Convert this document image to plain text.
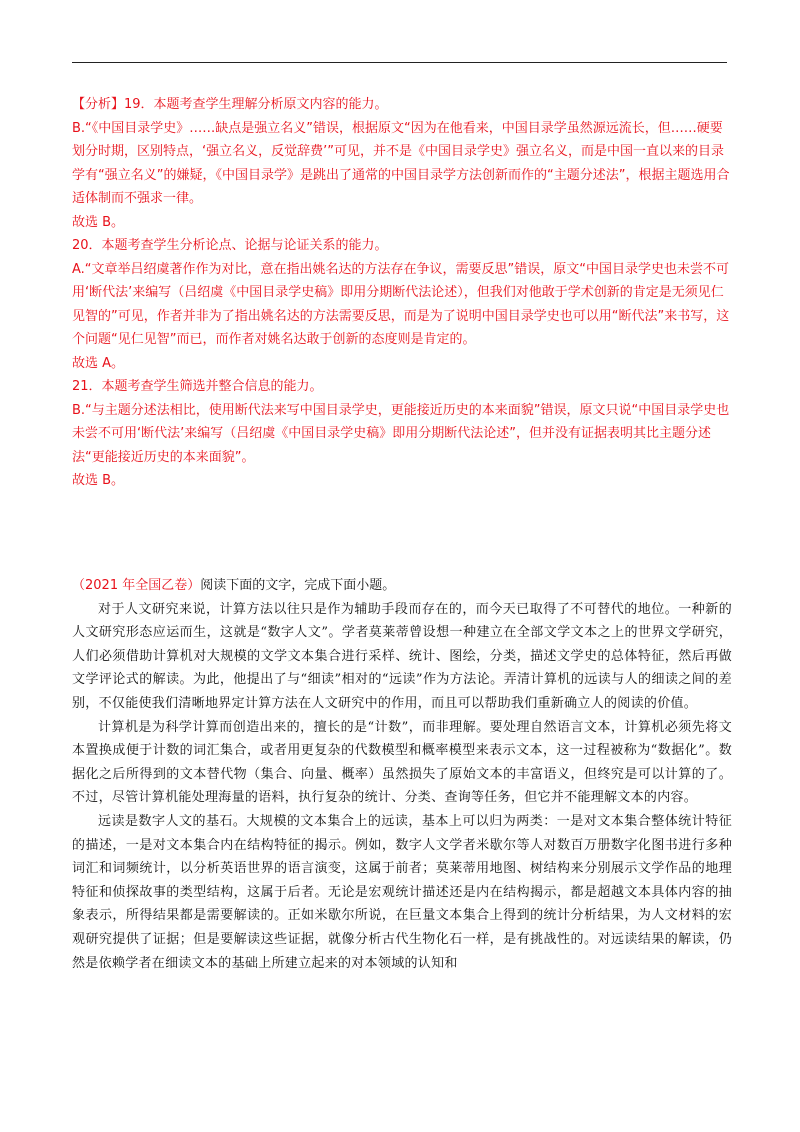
【分析】19．本题考查学生理解分析原文内容的能力。

B.“《中国目录学史》……缺点是强立名义”错误，根据原文“因为在他看来，中国目录学虽然源远流长，但……硬要划分时期，区别特点，‘强立名义，反觉辞费’”可见，并不是《中国目录学史》强立名义，而是中国一直以来的目录学有“强立名义”的嫌疑，《中国目录学》是跳出了通常的中国目录学方法创新而作的“主题分述法”，根据主题选用合适体制而不强求一律。

故选 B。

20．本题考查学生分析论点、论据与论证关系的能力。

A.“文章举吕绍虞著作作为对比，意在指出姚名达的方法存在争议，需要反思”错误，原文“中国目录学史也未尝不可用‘断代法’来编写（吕绍虞《中国目录学史稿》即用分期断代法论述），但我们对他敢于学术创新的肯定是无须见仁见智的”可见，作者并非为了指出姚名达的方法需要反思，而是为了说明中国目录学史也可以用“断代法”来书写，这个问题“见仁见智”而已，而作者对姚名达敢于创新的态度则是肯定的。

故选 A。

21．本题考查学生筛选并整合信息的能力。

B.“与主题分述法相比，使用断代法来写中国目录学史，更能接近历史的本来面貌”错误，原文只说“中国目录学史也未尝不可用‘断代法’来编写（吕绍虞《中国目录学史稿》即用分期断代法论述”，但并没有证据表明其比主题分述法“更能接近历史的本来面貌”。

故选 B。

（2021 年全国乙卷）阅读下面的文字，完成下面小题。

对于人文研究来说，计算方法以往只是作为辅助手段而存在的，而今天已取得了不可替代的地位。一种新的人文研究形态应运而生，这就是“数字人文”。学者莫莱蒂曾设想一种建立在全部文学文本之上的世界文学研究，人们必须借助计算机对大规模的文学文本集合进行采样、统计、图绘，分类，描述文学史的总体特征，然后再做文学评论式的解读。为此，他提出了与“细读”相对的“远读”作为方法论。弄清计算机的远读与人的细读之间的差别，不仅能使我们清晰地界定计算方法在人文研究中的作用，而且可以帮助我们重新确立人的阅读的价值。

计算机是为科学计算而创造出来的，擅长的是“计数”，而非理解。要处理自然语言文本，计算机必须先将文本置换成便于计数的词汇集合，或者用更复杂的代数模型和概率模型来表示文本，这一过程被称为“数据化”。数据化之后所得到的文本替代物（集合、向量、概率）虽然损失了原始文本的丰富语义，但终究是可以计算的了。不过，尽管计算机能处理海量的语料，执行复杂的统计、分类、查询等任务，但它并不能理解文本的内容。

远读是数字人文的基石。大规模的文本集合上的远读，基本上可以归为两类：一是对文本集合整体统计特征的描述，一是对文本集合内在结构特征的揭示。例如，数字人文学者米歇尔等人对数百万册数字化图书进行多种词汇和词频统计，以分析英语世界的语言演变，这属于前者；莫莱蒂用地图、树结构来分别展示文学作品的地理特征和侦探故事的类型结构，这属于后者。无论是宏观统计描述还是内在结构揭示，都是超越文本具体内容的抽象表示，所得结果都是需要解读的。正如米歇尔所说，在巨量文本集合上得到的统计分析结果，为人文材料的宏观研究提供了证据；但是要解读这些证据，就像分析古代生物化石一样，是有挑战性的。对远读结果的解读，仍然是依赖学者在细读文本的基础上所建立起来的对本领域的认知和
